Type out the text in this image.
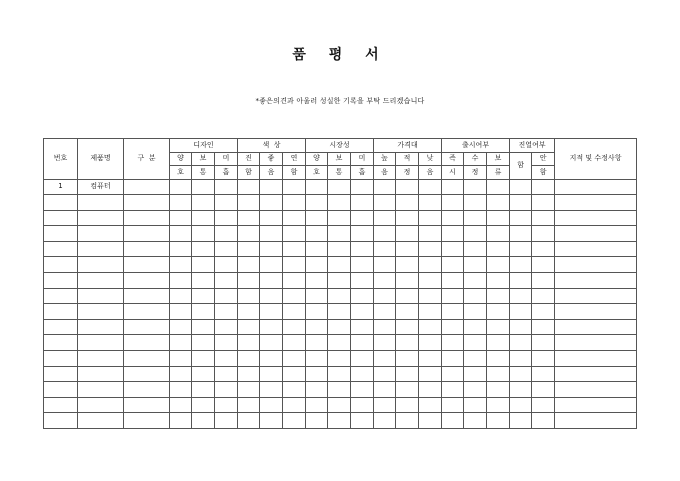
품 평 서
*좋은의견과 아울러 성실한 기록을 부탁 드리겠습니다
번호	제품명	구  분	디자인			색  상			시장성			가격대			출시여부			진열여부		지적 및 수정사항
			양	보	미	진	좋	연	양	보	미	높	적	낮	즉	수	보	함	안	
			호	통	흡	함	음	함	호	통	흡	음	정	음	시	정	류		함	
1	컴퓨터																			
